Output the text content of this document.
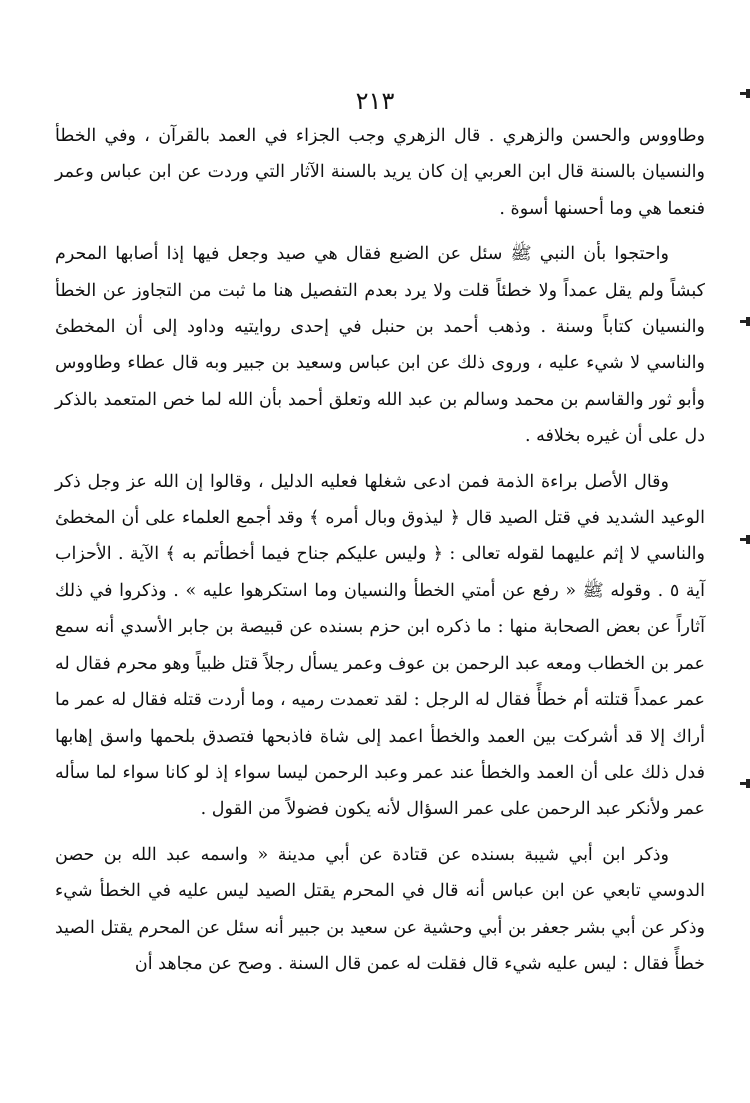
٢١٣

وطاووس والحسن والزهري . قال الزهري وجب الجزاء في العمد بالقرآن ، وفي الخطأ والنسيان بالسنة قال ابن العربي إن كان يريد بالسنة الآثار التي وردت عن ابن عباس وعمر فنعما هي وما أحسنها أسوة .

واحتجوا بأن النبي ﷺ سئل عن الضبع فقال هي صيد وجعل فيها إذا أصابها المحرم كبشاً ولم يقل عمداً ولا خطئاً قلت ولا يرد بعدم التفصيل هنا ما ثبت من التجاوز عن الخطأ والنسيان كتاباً وسنة . وذهب أحمد بن حنبل في إحدى روايتيه وداود إلى أن المخطئ والناسي لا شيء عليه ، وروى ذلك عن ابن عباس وسعيد بن جبير وبه قال عطاء وطاووس وأبو ثور والقاسم بن محمد وسالم بن عبد الله وتعلق أحمد بأن الله لما خص المتعمد بالذكر دل على أن غيره بخلافه .

وقال الأصل براءة الذمة فمن ادعى شغلها فعليه الدليل ، وقالوا إن الله عز وجل ذكر الوعيد الشديد في قتل الصيد قال ﴿ ليذوق وبال أمره ﴾ وقد أجمع العلماء على أن المخطئ والناسي لا إثم عليهما لقوله تعالى : ﴿ وليس عليكم جناح فيما أخطأتم به ﴾ الآية . الأحزاب آية ٥ . وقوله ﷺ « رفع عن أمتي الخطأ والنسيان وما استكرهوا عليه » . وذكروا في ذلك آثاراً عن بعض الصحابة منها : ما ذكره ابن حزم بسنده عن قبيصة بن جابر الأسدي أنه سمع عمر بن الخطاب ومعه عبد الرحمن بن عوف وعمر يسأل رجلاً قتل ظبياً وهو محرم فقال له عمر عمداً قتلته أم خطأً فقال له الرجل : لقد تعمدت رميه ، وما أردت قتله فقال له عمر ما أراك إلا قد أشركت بين العمد والخطأ اعمد إلى شاة فاذبحها فتصدق بلحمها واسق إهابها فدل ذلك على أن العمد والخطأ عند عمر وعبد الرحمن ليسا سواء إذ لو كانا سواء لما سأله عمر ولأنكر عبد الرحمن على عمر السؤال لأنه يكون فضولاً من القول .

وذكر ابن أبي شيبة بسنده عن قتادة عن أبي مدينة « واسمه عبد الله بن حصن الدوسي تابعي عن ابن عباس أنه قال في المحرم يقتل الصيد ليس عليه في الخطأ شيء وذكر عن أبي بشر جعفر بن أبي وحشية عن سعيد بن جبير أنه سئل عن المحرم يقتل الصيد خطأً فقال : ليس عليه شيء قال فقلت له عمن قال السنة . وصح عن مجاهد أن
